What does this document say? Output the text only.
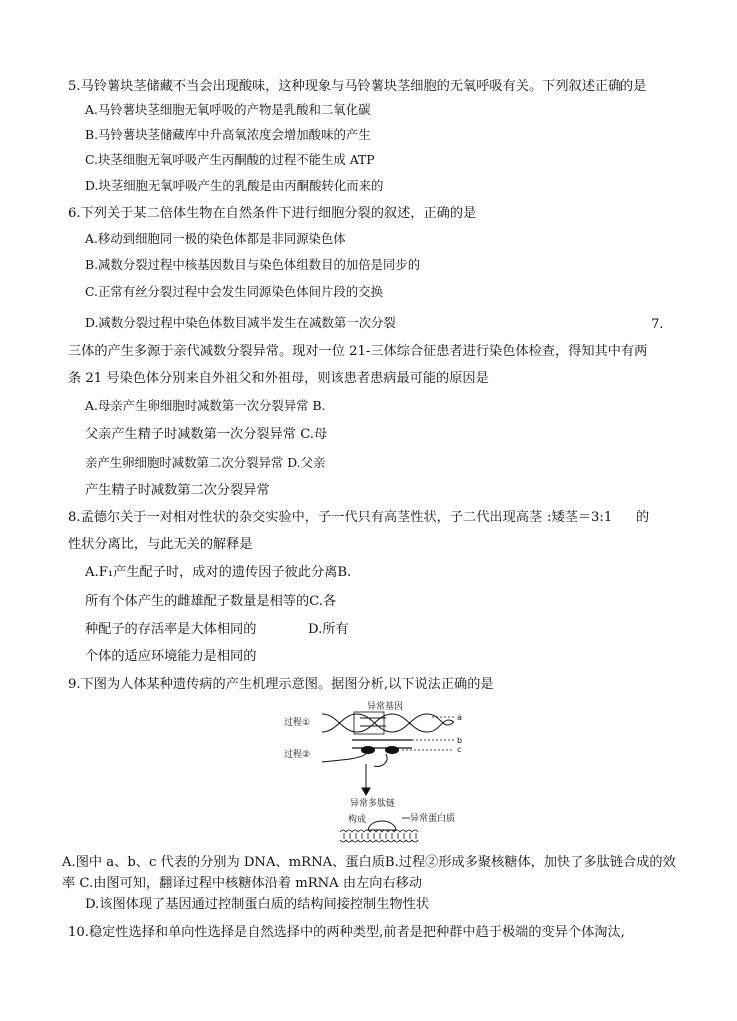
5.马铃薯块茎储藏不当会出现酸味，这种现象与马铃薯块茎细胞的无氧呼吸有关。下列叙述正确
的是
A.马铃薯块茎细胞无氧呼吸的产物是乳酸和二氧化碳
B.马铃薯块茎储藏库中升高氧浓度会增加酸味的产生
C.块茎细胞无氧呼吸产生丙酮酸的过程不能生成 ATP
D.块茎细胞无氧呼吸产生的乳酸是由丙酮酸转化而来的
6.下列关于某二倍体生物在自然条件下进行细胞分裂的叙述，正确的是
A.移动到细胞同一极的染色体都是非同源染色体
B.减数分裂过程中核基因数目与染色体组数目的加倍是同步的
C.正常有丝分裂过程中会发生同源染色体间片段的交换
D.减数分裂过程中染色体数目减半发生在减数第一次分裂	7.
三体的产生多源于亲代减数分裂异常。现对一位 21-三体综合征患者进行染色体检查，得知其中有两
条 21 号染色体分别来自外祖父和外祖母，则该患者患病最可能的原因是
A.母亲产生卵细胞时减数第一次分裂异常 B.
父亲产生精子时减数第一次分裂异常 C.母
亲产生卵细胞时减数第二次分裂异常 D.父亲
产生精子时减数第二次分裂异常
8.孟德尔关于一对相对性状的杂交实验中，子一代只有高茎性状，子二代出现高茎 :矮茎＝3:1 的
性状分离比，与此无关的解释是
A.F₁产生配子时，成对的遗传因子彼此分离B.
所有个体产生的雌雄配子数量是相等的C.各
种配子的存活率是大体相同的	D.所有
个体的适应环境能力是相同的
9.下图为人体某种遗传病的产生机理示意图。据图分析,以下说法正确的是
异常基因
过程①
过程②
a
b
c
异常多肽链
构成	异常蛋白质
A.图中 a、b、c 代表的分别为 DNA、mRNA、蛋白质B.过程②形成多聚核糖体，加快了多肽链合成的效
率 C.由图可知，翻译过程中核糖体沿着 mRNA 由左向右移动
D.该图体现了基因通过控制蛋白质的结构间接控制生物性状
10.稳定性选择和单向性选择是自然选择中的两种类型,前者是把种群中趋于极端的变异个体淘汰,
